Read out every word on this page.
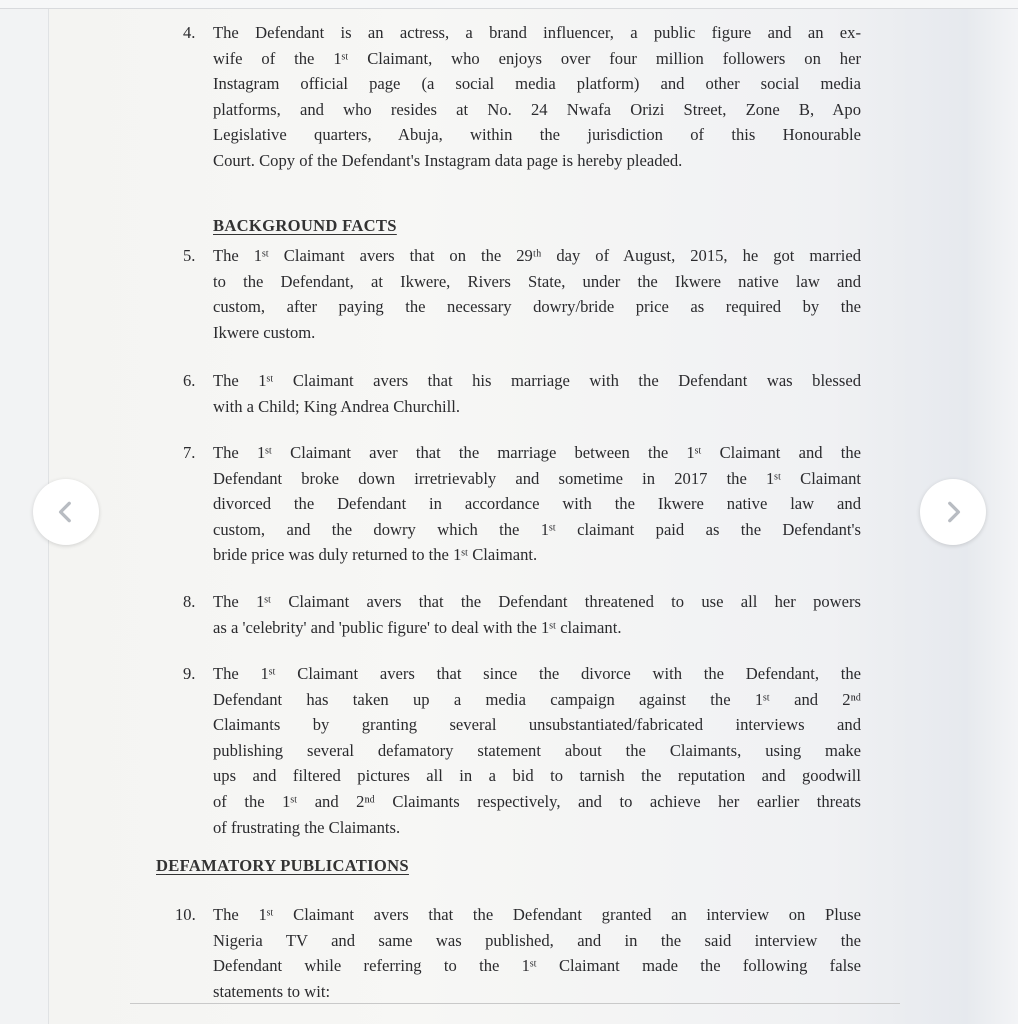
4. The Defendant is an actress, a brand influencer, a public figure and an ex-
wife of the 1ˢᵗ Claimant, who enjoys over four million followers on her
Instagram official page (a social media platform) and other social media
platforms, and who resides at No. 24 Nwafa Orizi Street, Zone B, Apo
Legislative quarters, Abuja, within the jurisdiction of this Honourable
Court. Copy of the Defendant's Instagram data page is hereby pleaded.
BACKGROUND FACTS
5. The 1ˢᵗ Claimant avers that on the 29ᵗʰ day of August, 2015, he got married
to the Defendant, at Ikwere, Rivers State, under the Ikwere native law and
custom, after paying the necessary dowry/bride price as required by the
Ikwere custom.
6. The 1ˢᵗ Claimant avers that his marriage with the Defendant was blessed
with a Child; King Andrea Churchill.
7. The 1ˢᵗ Claimant aver that the marriage between the 1ˢᵗ Claimant and the
Defendant broke down irretrievably and sometime in 2017 the 1ˢᵗ Claimant
divorced the Defendant in accordance with the Ikwere native law and
custom, and the dowry which the 1ˢᵗ claimant paid as the Defendant's
bride price was duly returned to the 1ˢᵗ Claimant.
8. The 1ˢᵗ Claimant avers that the Defendant threatened to use all her powers
as a 'celebrity' and 'public figure' to deal with the 1ˢᵗ claimant.
9. The 1ˢᵗ Claimant avers that since the divorce with the Defendant, the
Defendant has taken up a media campaign against the 1ˢᵗ and 2ⁿᵈ
Claimants by granting several unsubstantiated/fabricated interviews and
publishing several defamatory statement about the Claimants, using make
ups and filtered pictures all in a bid to tarnish the reputation and goodwill
of the 1ˢᵗ and 2ⁿᵈ Claimants respectively, and to achieve her earlier threats
of frustrating the Claimants.
DEFAMATORY PUBLICATIONS
10. The 1ˢᵗ Claimant avers that the Defendant granted an interview on Pluse
Nigeria TV and same was published, and in the said interview the
Defendant while referring to the 1ˢᵗ Claimant made the following false
statements to wit:
